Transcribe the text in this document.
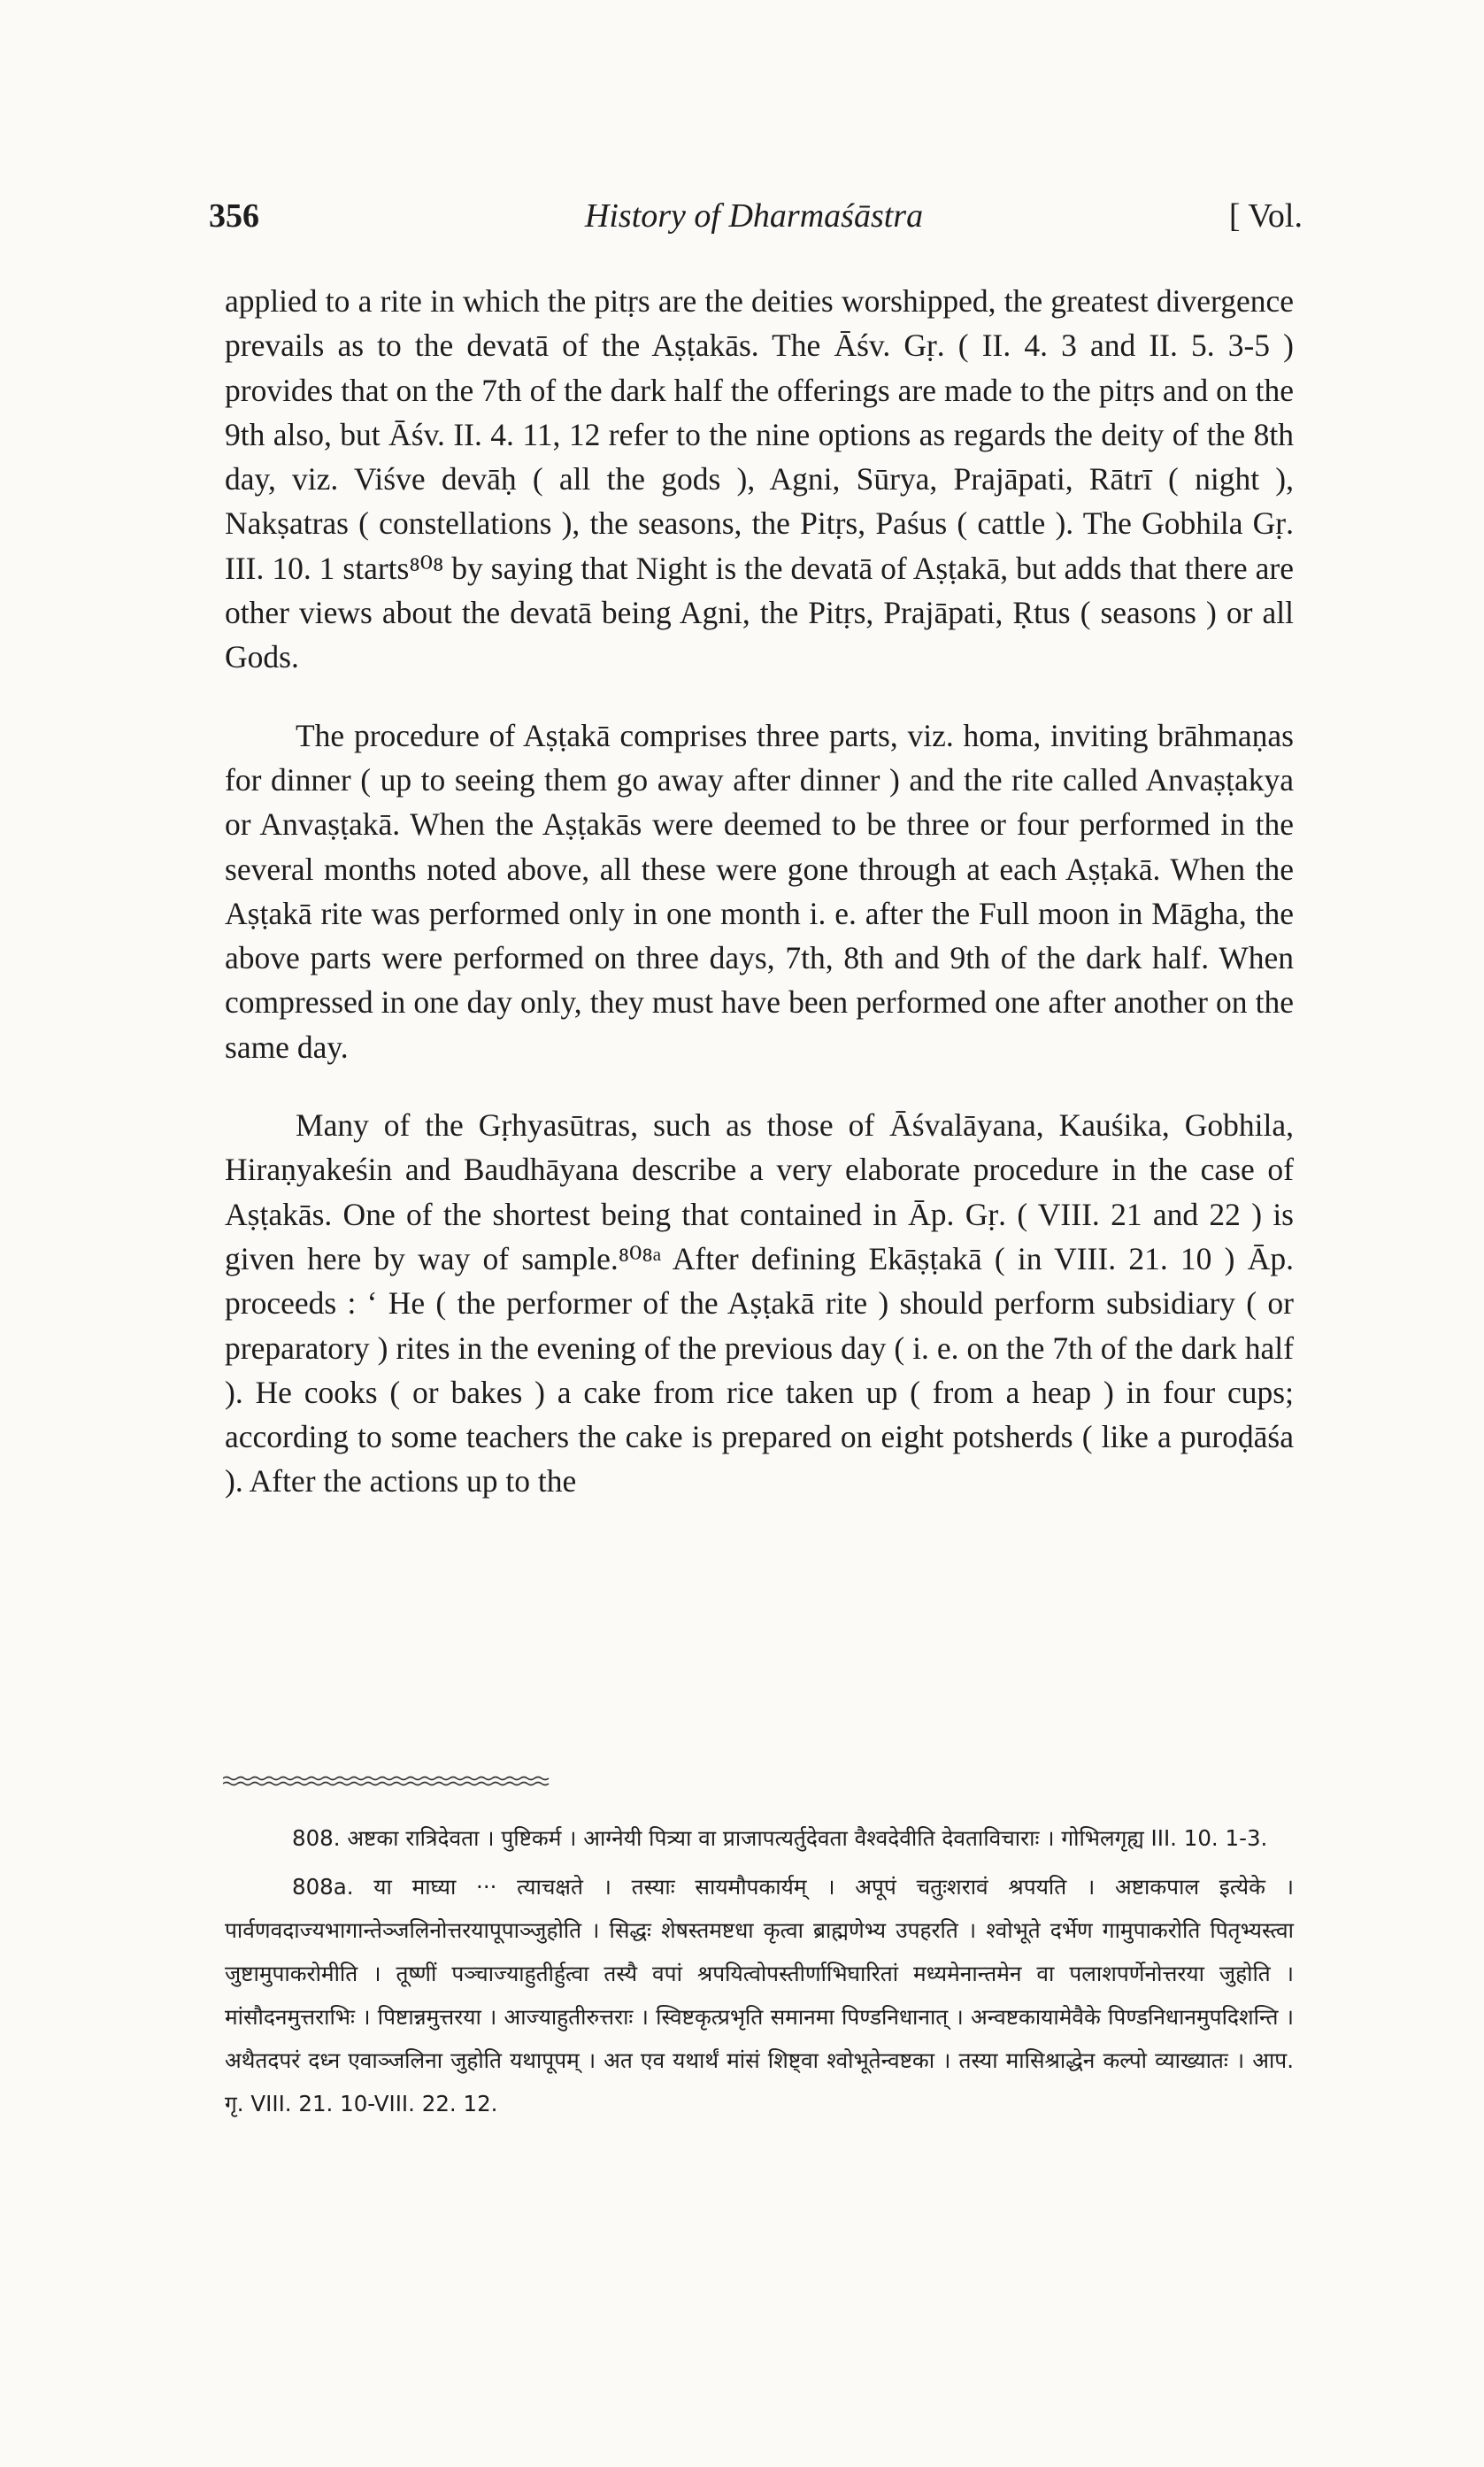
356	History of Dharmaśāstra	[ Vol.

applied to a rite in which the pitṛs are the deities worshipped, the greatest divergence prevails as to the devatā of the Aṣṭakās. The Āśv. Gṛ. ( II. 4. 3 and II. 5. 3-5 ) provides that on the 7th of the dark half the offerings are made to the pitṛs and on the 9th also, but Āśv. II. 4. 11, 12 refer to the nine options as regards the deity of the 8th day, viz. Viśve devāḥ ( all the gods ), Agni, Sūrya, Prajāpati, Rātrī ( night ), Nakṣatras ( constellations ), the seasons, the Pitṛs, Paśus ( cattle ). The Gobhila Gṛ. III. 10. 1 starts⁸⁰⁸ by saying that Night is the devatā of Aṣṭakā, but adds that there are other views about the devatā being Agni, the Pitṛs, Prajāpati, Ṛtus ( seasons ) or all Gods.

The procedure of Aṣṭakā comprises three parts, viz. homa, inviting brāhmaṇas for dinner ( up to seeing them go away after dinner ) and the rite called Anvaṣṭakya or Anvaṣṭakā. When the Aṣṭakās were deemed to be three or four performed in the several months noted above, all these were gone through at each Aṣṭakā. When the Aṣṭakā rite was performed only in one month i. e. after the Full moon in Māgha, the above parts were performed on three days, 7th, 8th and 9th of the dark half. When compressed in one day only, they must have been performed one after another on the same day.

Many of the Gṛhyasūtras, such as those of Āśvalāyana, Kauśika, Gobhila, Hiraṇyakeśin and Baudhāyana describe a very elaborate procedure in the case of Aṣṭakās. One of the shortest being that contained in Āp. Gṛ. ( VIII. 21 and 22 ) is given here by way of sample.⁸⁰⁸ᵃ After defining Ekāṣṭakā ( in VIII. 21. 10 ) Āp. proceeds : ‘ He ( the performer of the Aṣṭakā rite ) should perform subsidiary ( or preparatory ) rites in the evening of the previous day ( i. e. on the 7th of the dark half ). He cooks ( or bakes ) a cake from rice taken up ( from a heap ) in four cups; according to some teachers the cake is prepared on eight potsherds ( like a puroḍāśa ). After the actions up to the

808. अष्टका रात्रिदेवता । पुष्टिकर्म । आग्नेयी पित्र्या वा प्राजापत्यर्तुदेवता वैश्वदेवीति देवताविचाराः । गोभिलगृह्य III. 10. 1-3.

808a. या माघ्या ··· त्याचक्षते । तस्याः सायमौपकार्यम् । अपूपं चतुःशरावं श्रपयति । अष्टाकपाल इत्येके । पार्वणवदाज्यभागान्तेञ्जलिनोत्तरयापूपाञ्जुहोति । सिद्धः शेषस्तमष्टधा कृत्वा ब्राह्मणेभ्य उपहरति । श्वोभूते दर्भेण गामुपाकरोति पितृभ्यस्त्वा जुष्टामुपाकरोमीति । तूष्णीं पञ्चाज्याहुतीर्हुत्वा तस्यै वपां श्रपयित्वोपस्तीर्णाभिघारितां मध्यमेनान्तमेन वा पलाशपर्णेनोत्तरया जुहोति । मांसौदनमुत्तराभिः । पिष्टान्नमुत्तरया । आज्याहुतीरुत्तराः । स्विष्टकृत्प्रभृति समानमा पिण्डनिधानात् । अन्वष्टकायामेवैके पिण्डनिधानमुपदिशन्ति । अथैतदपरं दध्न एवाञ्जलिना जुहोति यथापूपम् । अत एव यथार्थं मांसं शिष्ट्वा श्वोभूतेन्वष्टका । तस्या मासिश्राद्धेन कल्पो व्याख्यातः । आप. गृ. VIII. 21. 10-VIII. 22. 12.
